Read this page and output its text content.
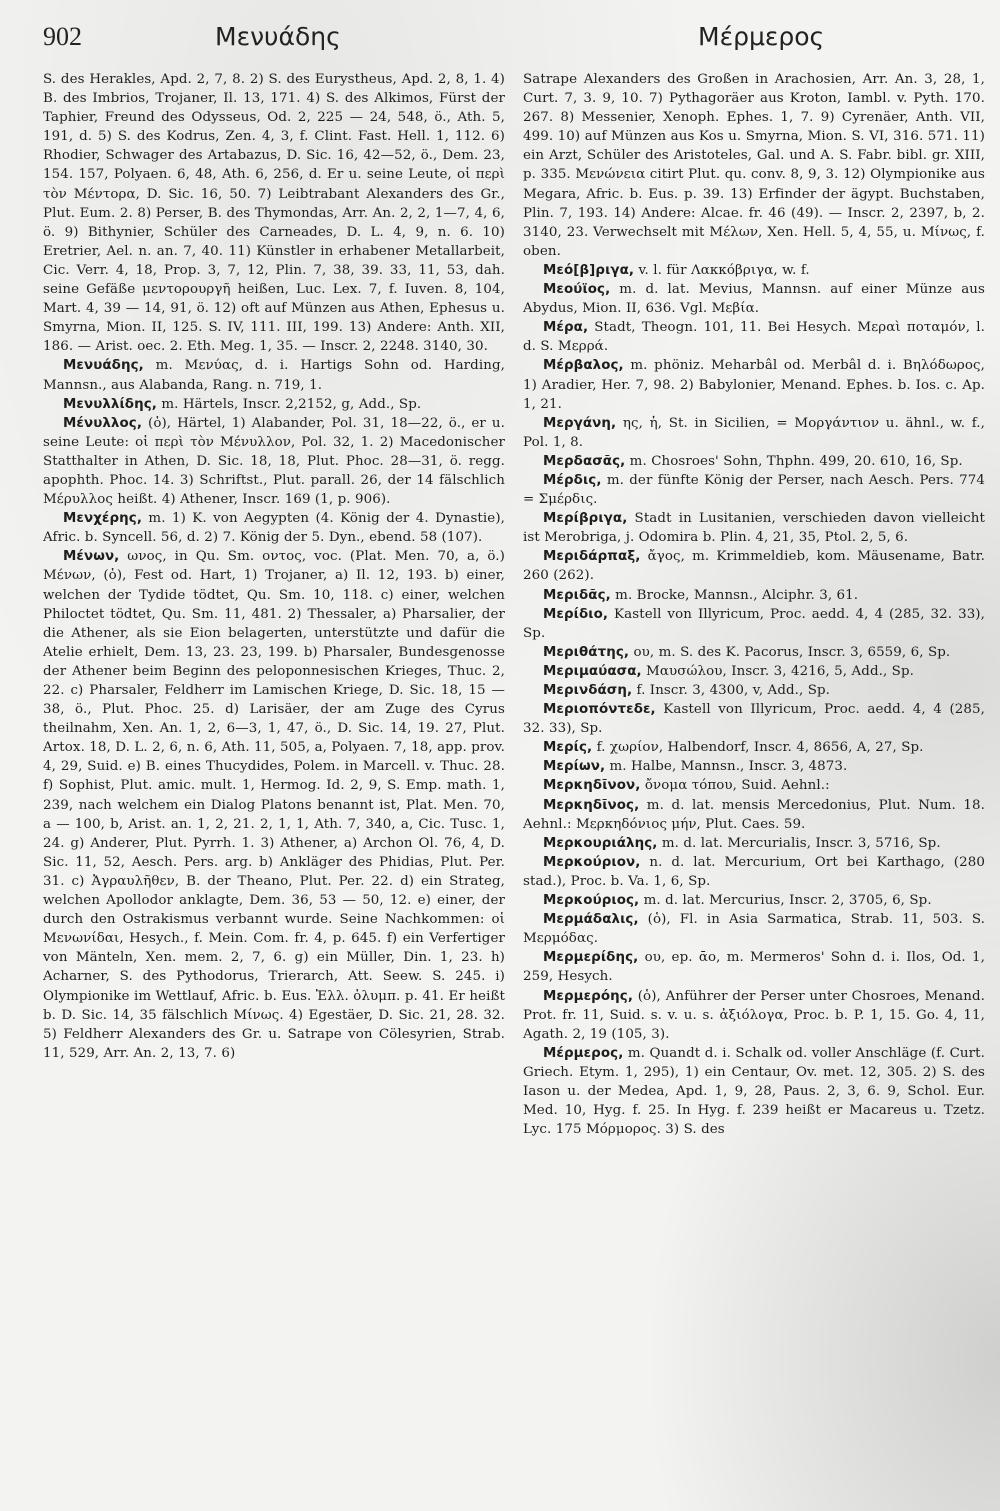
902	Μενυάδης	Μέρμερος

S. des Herakles, Apd. 2, 7, 8. 2) S. des Eurystheus, Apd. 2, 8, 1. 4) B. des Imbrios, Trojaner, Il. 13, 171. 4) S. des Alkimos, Fürst der Taphier, Freund des Odysseus, Od. 2, 225 — 24, 548, ö., Ath. 5, 191, d. 5) S. des Kodrus, Zen. 4, 3, f. Clint. Fast. Hell. 1, 112. 6) Rhodier, Schwager des Artabazus, D. Sic. 16, 42—52, ö., Dem. 23, 154. 157, Polyaen. 6, 48, Ath. 6, 256, d. Er u. seine Leute, οἱ περὶ τὸν Μέντορα, D. Sic. 16, 50. 7) Leibtrabant Alexanders des Gr., Plut. Eum. 2. 8) Perser, B. des Thymondas, Arr. An. 2, 2, 1—7, 4, 6, ö. 9) Bithynier, Schüler des Carneades, D. L. 4, 9, n. 6. 10) Eretrier, Ael. n. an. 7, 40. 11) Künstler in erhabener Metallarbeit, Cic. Verr. 4, 18, Prop. 3, 7, 12, Plin. 7, 38, 39. 33, 11, 53, dah. seine Gefäße μεντορουργῆ heißen, Luc. Lex. 7, f. Iuven. 8, 104, Mart. 4, 39 — 14, 91, ö. 12) oft auf Münzen aus Athen, Ephesus u. Smyrna, Mion. II, 125. S. IV, 111. III, 199. 13) Andere: Anth. XII, 186. — Arist. oec. 2. Eth. Meg. 1, 35. — Inscr. 2, 2248. 3140, 30.

Μενυάδης, m. Μενύας, d. i. Hartigs Sohn od. Harding, Mannsn., aus Alabanda, Rang. n. 719, 1.

Μενυλλίδης, m. Härtels, Inscr. 2,2152, g, Add., Sp.

Μένυλλος, (ὁ), Härtel, 1) Alabander, Pol. 31, 18—22, ö., er u. seine Leute: οἱ περὶ τὸν Μένυλλον, Pol. 32, 1. 2) Macedonischer Statthalter in Athen, D. Sic. 18, 18, Plut. Phoc. 28—31, ö. regg. apophth. Phoc. 14. 3) Schriftst., Plut. parall. 26, der 14 fälschlich Μέρυλλος heißt. 4) Athener, Inscr. 169 (1, p. 906).

Μενχέρης, m. 1) K. von Aegypten (4. König der 4. Dynastie), Afric. b. Syncell. 56, d. 2) 7. König der 5. Dyn., ebend. 58 (107).

Μένων, ωνος, in Qu. Sm. οντος, voc. (Plat. Men. 70, a, ö.) Μένων, (ὁ), Fest od. Hart, 1) Trojaner, a) Il. 12, 193. b) einer, welchen der Tydide tödtet, Qu. Sm. 10, 118. c) einer, welchen Philoctet tödtet, Qu. Sm. 11, 481. 2) Thessaler, a) Pharsalier, der die Athener, als sie Eion belagerten, unterstützte und dafür die Atelie erhielt, Dem. 13, 23. 23, 199. b) Pharsaler, Bundesgenosse der Athener beim Beginn des peloponnesischen Krieges, Thuc. 2, 22. c) Pharsaler, Feldherr im Lamischen Kriege, D. Sic. 18, 15 —38, ö., Plut. Phoc. 25. d) Larisäer, der am Zuge des Cyrus theilnahm, Xen. An. 1, 2, 6—3, 1, 47, ö., D. Sic. 14, 19. 27, Plut. Artox. 18, D. L. 2, 6, n. 6, Ath. 11, 505, a, Polyaen. 7, 18, app. prov. 4, 29, Suid. e) B. eines Thucydides, Polem. in Marcell. v. Thuc. 28. f) Sophist, Plut. amic. mult. 1, Hermog. Id. 2, 9, S. Emp. math. 1, 239, nach welchem ein Dialog Platons benannt ist, Plat. Men. 70, a — 100, b, Arist. an. 1, 2, 21. 2, 1, 1, Ath. 7, 340, a, Cic. Tusc. 1, 24. g) Anderer, Plut. Pyrrh. 1. 3) Athener, a) Archon Ol. 76, 4, D. Sic. 11, 52, Aesch. Pers. arg. b) Ankläger des Phidias, Plut. Per. 31. c) Ἀγραυλῆθεν, B. der Theano, Plut. Per. 22. d) ein Strateg, welchen Apollodor anklagte, Dem. 36, 53 — 50, 12. e) einer, der durch den Ostrakismus verbannt wurde. Seine Nachkommen: οἱ Μενωνίδαι, Hesych., f. Mein. Com. fr. 4, p. 645. f) ein Verfertiger von Mänteln, Xen. mem. 2, 7, 6. g) ein Müller, Din. 1, 23. h) Acharner, S. des Pythodorus, Trierarch, Att. Seew. S. 245. i) Olympionike im Wettlauf, Afric. b. Eus. Ἑλλ. ὀλυμπ. p. 41. Er heißt b. D. Sic. 14, 35 fälschlich Μίνως. 4) Egestäer, D. Sic. 21, 28. 32. 5) Feldherr Alexanders des Gr. u. Satrape von Cölesyrien, Strab. 11, 529, Arr. An. 2, 13, 7. 6)

Satrape Alexanders des Großen in Arachosien, Arr. An. 3, 28, 1, Curt. 7, 3. 9, 10. 7) Pythagoräer aus Kroton, Iambl. v. Pyth. 170. 267. 8) Messenier, Xenoph. Ephes. 1, 7. 9) Cyrenäer, Anth. VII, 499. 10) auf Münzen aus Kos u. Smyrna, Mion. S. VI, 316. 571. 11) ein Arzt, Schüler des Aristoteles, Gal. und A. S. Fabr. bibl. gr. XIII, p. 335. Μενώνεια citirt Plut. qu. conv. 8, 9, 3. 12) Olympionike aus Megara, Afric. b. Eus. p. 39. 13) Erfinder der ägypt. Buchstaben, Plin. 7, 193. 14) Andere: Alcae. fr. 46 (49). — Inscr. 2, 2397, b, 2. 3140, 23. Verwechselt mit Μέλων, Xen. Hell. 5, 4, 55, u. Μίνως, f. oben.

Μεό[β]ριγα, v. l. für Λακκόβριγα, w. f.

Μεούϊος, m. d. lat. Mevius, Mannsn. auf einer Münze aus Abydus, Mion. II, 636. Vgl. Μεβία.

Μέρα, Stadt, Theogn. 101, 11. Bei Hesych. Μεραὶ ποταμόν, l. d. S. Μερρά.

Μέρβαλος, m. phöniz. Meharbâl od. Merbâl d. i. Βηλόδωρος, 1) Aradier, Her. 7, 98. 2) Babylonier, Menand. Ephes. b. Ios. c. Ap. 1, 21.

Μεργάνη, ης, ἡ, St. in Sicilien, = Μοργάντιον u. ähnl., w. f., Pol. 1, 8.

Μερδασᾶς, m. Chosroes' Sohn, Thphn. 499, 20. 610, 16, Sp.

Μέρδις, m. der fünfte König der Perser, nach Aesch. Pers. 774 = Σμέρδις.

Μερίβριγα, Stadt in Lusitanien, verschieden davon vielleicht ist Merobriga, j. Odomira b. Plin. 4, 21, 35, Ptol. 2, 5, 6.

Μεριδάρπαξ, ἄγος, m. Krimmeldieb, kom. Mäusename, Batr. 260 (262).

Μεριδᾶς, m. Brocke, Mannsn., Alciphr. 3, 61.

Μερίδιο, Kastell von Illyricum, Proc. aedd. 4, 4 (285, 32. 33), Sp.

Μεριθάτης, ου, m. S. des K. Pacorus, Inscr. 3, 6559, 6, Sp.

Μεριμαύασα, Μαυσώλου, Inscr. 3, 4216, 5, Add., Sp.

Μερινδάση, f. Inscr. 3, 4300, v, Add., Sp.

Μεριοπόντεδε, Kastell von Illyricum, Proc. aedd. 4, 4 (285, 32. 33), Sp.

Μερίς, f. χωρίον, Halbendorf, Inscr. 4, 8656, A, 27, Sp.

Μερίων, m. Halbe, Mannsn., Inscr. 3, 4873.

Μερκηδῖνον, ὄνομα τόπου, Suid. Aehnl.:

Μερκηδῖνος, m. d. lat. mensis Mercedonius, Plut. Num. 18. Aehnl.: Μερκηδόνιος μήν, Plut. Caes. 59.

Μερκουριάλης, m. d. lat. Mercurialis, Inscr. 3, 5716, Sp.

Μερκούριον, n. d. lat. Mercurium, Ort bei Karthago, (280 stad.), Proc. b. Va. 1, 6, Sp.

Μερκούριος, m. d. lat. Mercurius, Inscr. 2, 3705, 6, Sp.

Μερμάδαλις, (ὁ), Fl. in Asia Sarmatica, Strab. 11, 503. S. Μερμόδας.

Μερμερίδης, ου, ep. ᾱο, m. Mermeros' Sohn d. i. Ilos, Od. 1, 259, Hesych.

Μερμερόης, (ὁ), Anführer der Perser unter Chosroes, Menand. Prot. fr. 11, Suid. s. v. u. s. ἀξιόλογα, Proc. b. P. 1, 15. Go. 4, 11, Agath. 2, 19 (105, 3).

Μέρμερος, m. Quandt d. i. Schalk od. voller Anschläge (f. Curt. Griech. Etym. 1, 295), 1) ein Centaur, Ov. met. 12, 305. 2) S. des Iason u. der Medea, Apd. 1, 9, 28, Paus. 2, 3, 6. 9, Schol. Eur. Med. 10, Hyg. f. 25. In Hyg. f. 239 heißt er Macareus u. Tzetz. Lyc. 175 Μόρμορος. 3) S. des
